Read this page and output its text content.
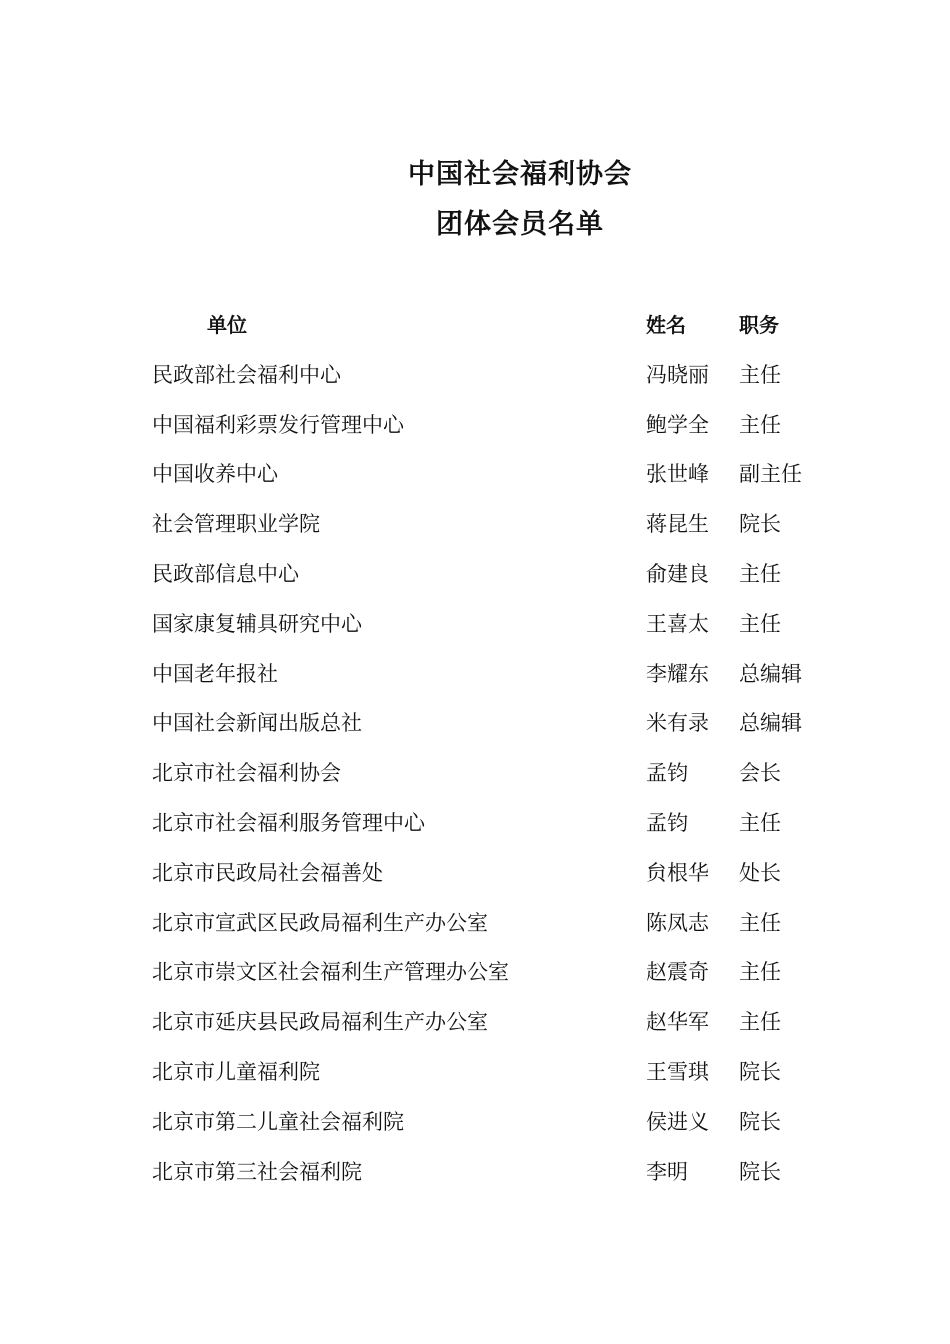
中国社会福利协会
团体会员名单
单位	姓名	职务
民政部社会福利中心	冯晓丽 主任
中国福利彩票发行管理中心	鲍学全 主任
中国收养中心	张世峰 副主任
社会管理职业学院	蒋昆生 院长
民政部信息中心	俞建良 主任
国家康复辅具研究中心	王喜太 主任
中国老年报社	李耀东 总编辑
中国社会新闻出版总社	米有录 总编辑
北京市社会福利协会	孟钧 会长
北京市社会福利服务管理中心	孟钧 主任
北京市民政局社会福善处	贠根华 处长
北京市宣武区民政局福利生产办公室	陈凤志 主任
北京市崇文区社会福利生产管理办公室	赵震奇 主任
北京市延庆县民政局福利生产办公室	赵华军 主任
北京市儿童福利院	王雪琪 院长
北京市第二儿童社会福利院	侯进义 院长
北京市第三社会福利院	李明 院长
